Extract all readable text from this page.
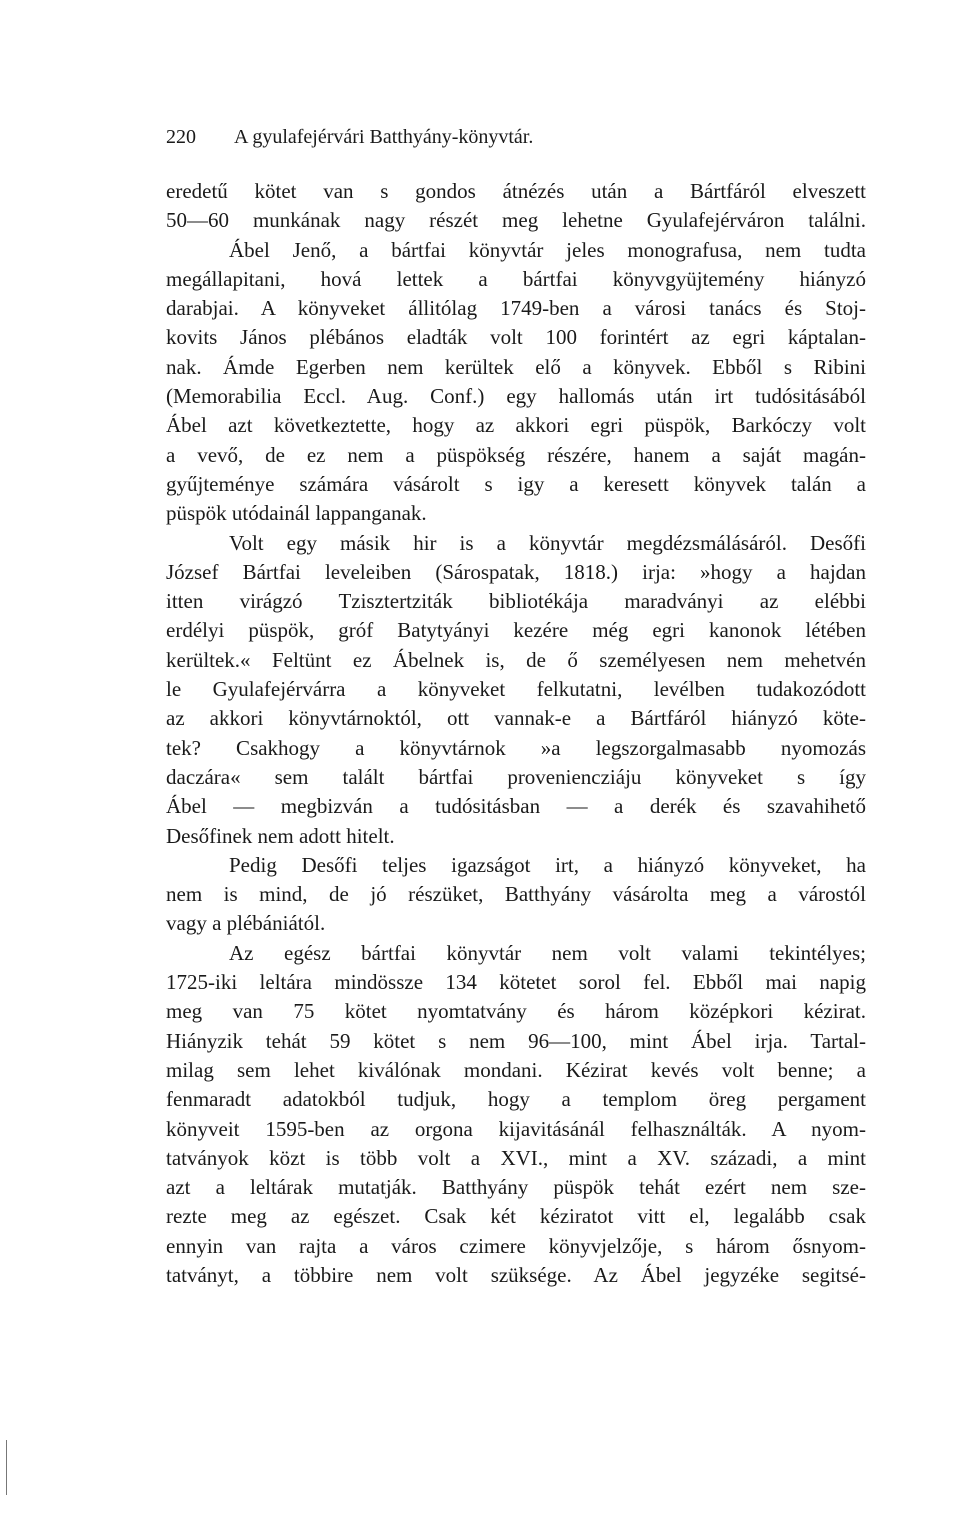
220 A gyulafejérvári Batthyány-könyvtár.
eredetű kötet van s gondos átnézés után a Bártfáról elveszett
50—60 munkának nagy részét meg lehetne Gyulafejérváron találni.
Ábel Jenő, a bártfai könyvtár jeles monografusa, nem tudta
megállapitani, hová lettek a bártfai könyvgyüjtemény hiányzó
darabjai. A könyveket állitólag 1749-ben a városi tanács és Stoj-
kovits János plébános eladták volt 100 forintért az egri káptalan-
nak. Ámde Egerben nem kerültek elő a könyvek. Ebből s Ribini
(Memorabilia Eccl. Aug. Conf.) egy hallomás után irt tudósitásából
Ábel azt következtette, hogy az akkori egri püspök, Barkóczy volt
a vevő, de ez nem a püspökség részére, hanem a saját magán-
gyűjteménye számára vásárolt s igy a keresett könyvek talán a
püspök utódainál lappanganak.
Volt egy másik hir is a könyvtár megdézsmálásáról. Desőfi
József Bártfai leveleiben (Sárospatak, 1818.) irja: »hogy a hajdan
itten virágzó Tzisztertziták bibliotékája maradványi az elébbi
erdélyi püspök, gróf Batytyányi kezére még egri kanonok létében
kerültek.« Feltünt ez Ábelnek is, de ő személyesen nem mehetvén
le Gyulafejérvárra a könyveket felkutatni, levélben tudakozódott
az akkori könyvtárnoktól, ott vannak-e a Bártfáról hiányzó köte-
tek? Csakhogy a könyvtárnok »a legszorgalmasabb nyomozás
daczára« sem talált bártfai proveniencziáju könyveket s így
Ábel — megbizván a tudósitásban — a derék és szavahihető
Desőfinek nem adott hitelt.
Pedig Desőfi teljes igazságot irt, a hiányzó könyveket, ha
nem is mind, de jó részüket, Batthyány vásárolta meg a várostól
vagy a plébániától.
Az egész bártfai könyvtár nem volt valami tekintélyes;
1725-iki leltára mindössze 134 kötetet sorol fel. Ebből mai napig
meg van 75 kötet nyomtatvány és három középkori kézirat.
Hiányzik tehát 59 kötet s nem 96—100, mint Ábel irja. Tartal-
milag sem lehet kiválónak mondani. Kézirat kevés volt benne; a
fenmaradt adatokból tudjuk, hogy a templom öreg pergament
könyveit 1595-ben az orgona kijavitásánál felhasználták. A nyom-
tatványok közt is több volt a XVI., mint a XV. századi, a mint
azt a leltárak mutatják. Batthyány püspök tehát ezért nem sze-
rezte meg az egészet. Csak két kéziratot vitt el, legalább csak
ennyin van rajta a város czimere könyvjelzője, s három ősnyom-
tatványt, a többire nem volt szüksége. Az Ábel jegyzéke segitsé-
